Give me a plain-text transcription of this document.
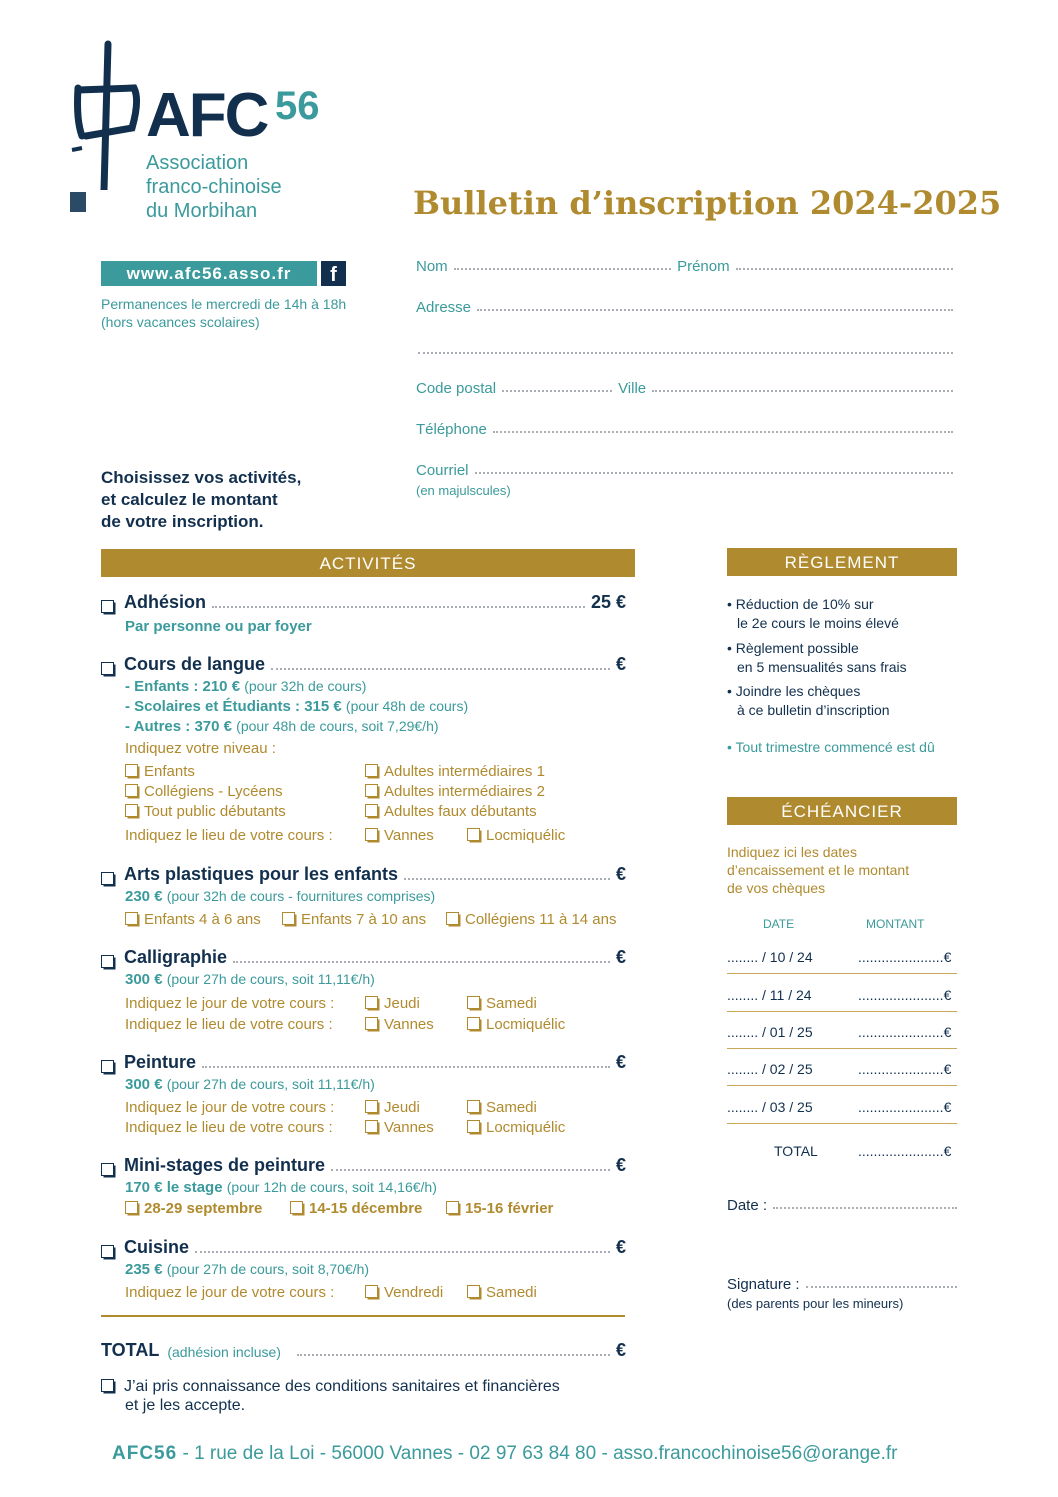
AFC 56
Association
franco-chinoise
du Morbihan
www.afc56.asso.fr	f
Permanences le mercredi de 14h à 18h
(hors vacances scolaires)
Bulletin d’inscription 2024-2025
Nom	Prénom
Adresse
Code postal	Ville
Téléphone
Courriel
(en majulscules)
Choisissez vos activités,
et calculez le montant
de votre inscription.
ACTIVITÉS
Adhésion	25 €
Par personne ou par foyer
Cours de langue	€
- Enfants : 210 € (pour 32h de cours)
- Scolaires et Étudiants : 315 € (pour 48h de cours)
- Autres : 370 € (pour 48h de cours, soit 7,29€/h)
Indiquez votre niveau :
Enfants	Adultes intermédiaires 1
Collégiens - Lycéens	Adultes intermédiaires 2
Tout public débutants	Adultes faux débutants
Indiquez le lieu de votre cours :	Vannes	Locmiquélic
Arts plastiques pour les enfants	€
230 € (pour 32h de cours - fournitures comprises)
Enfants 4 à 6 ans	Enfants 7 à 10 ans	Collégiens 11 à 14 ans
Calligraphie	€
300 € (pour 27h de cours, soit 11,11€/h)
Indiquez le jour de votre cours :	Jeudi	Samedi
Indiquez le lieu de votre cours :	Vannes	Locmiquélic
Peinture	€
300 € (pour 27h de cours, soit 11,11€/h)
Indiquez le jour de votre cours :	Jeudi	Samedi
Indiquez le lieu de votre cours :	Vannes	Locmiquélic
Mini-stages de peinture	€
170 € le stage (pour 12h de cours, soit 14,16€/h)
28-29 septembre	14-15 décembre	15-16 février
Cuisine	€
235 € (pour 27h de cours, soit 8,70€/h)
Indiquez le jour de votre cours :	Vendredi	Samedi
TOTAL (adhésion incluse)	€
J’ai pris connaissance des conditions sanitaires et financières
et je les accepte.
RÈGLEMENT
• Réduction de 10% sur
le 2e cours le moins élevé
• Règlement possible
en 5 mensualités sans frais
• Joindre les chèques
à ce bulletin d’inscription
• Tout trimestre commencé est dû
ÉCHÉANCIER
Indiquez ici les dates
d’encaissement et le montant
de vos chèques
DATE	MONTANT
........ / 10 / 24	......................€
........ / 11 / 24	......................€
........ / 01 / 25	......................€
........ / 02 / 25	......................€
........ / 03 / 25	......................€
TOTAL	......................€
Date :
Signature :
(des parents pour les mineurs)
AFC56 - 1 rue de la Loi - 56000 Vannes - 02 97 63 84 80 - asso.francochinoise56@orange.fr
